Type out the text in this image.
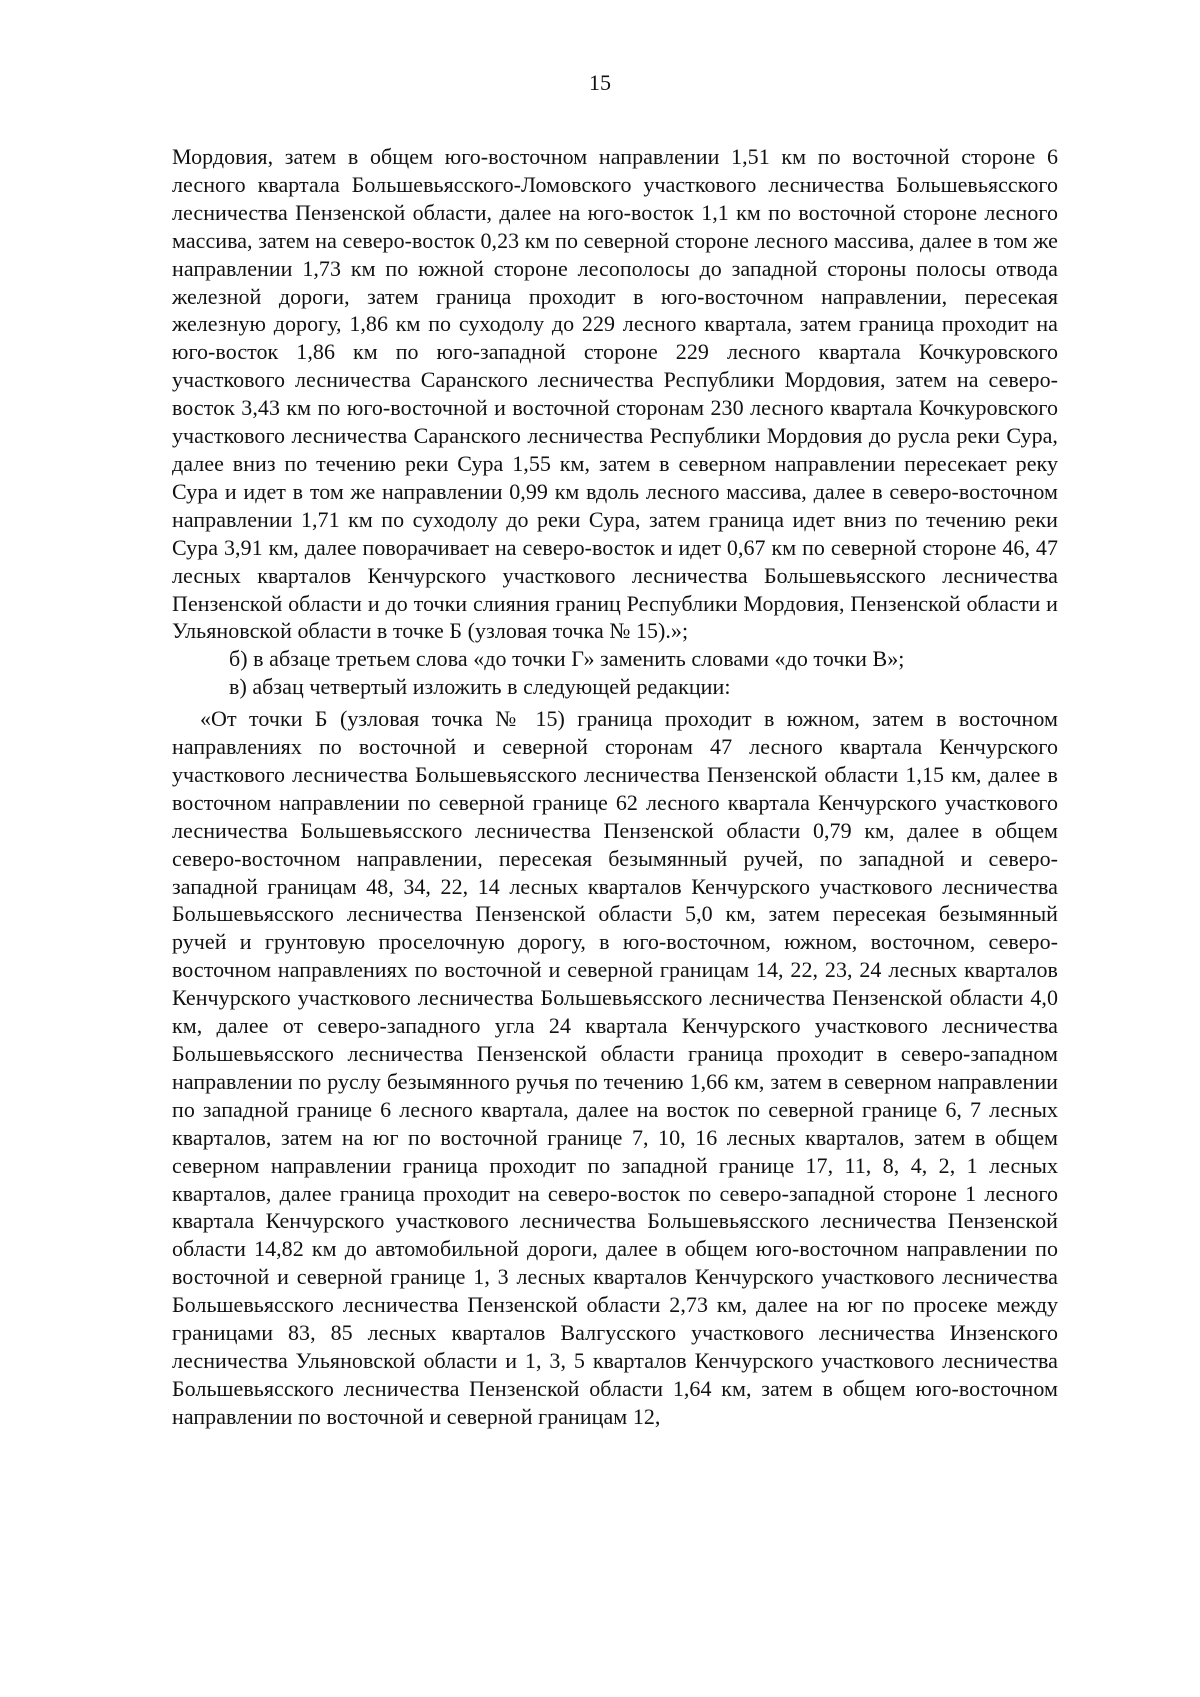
15

Мордовия, затем в общем юго-восточном направлении 1,51 км по восточной стороне 6 лесного квартала Большевьясского-Ломовского участкового лесничества Большевьясского лесничества Пензенской области, далее на юго-восток 1,1 км по восточной стороне лесного массива, затем на северо-восток 0,23 км по северной стороне лесного массива, далее в том же направлении 1,73 км по южной стороне лесополосы до западной стороны полосы отвода железной дороги, затем граница проходит в юго-восточном направлении, пересекая железную дорогу, 1,86 км по суходолу до 229 лесного квартала, затем граница проходит на юго-восток 1,86 км по юго-западной стороне 229 лесного квартала Кочкуровского участкового лесничества Саранского лесничества Республики Мордовия, затем на северо-восток 3,43 км по юго-восточной и восточной сторонам 230 лесного квартала Кочкуровского участкового лесничества Саранского лесничества Республики Мордовия до русла реки Сура, далее вниз по течению реки Сура 1,55 км, затем в северном направлении пересекает реку Сура и идет в том же направлении 0,99 км вдоль лесного массива, далее в северо-восточном направлении 1,71 км по суходолу до реки Сура, затем граница идет вниз по течению реки Сура 3,91 км, далее поворачивает на северо-восток и идет 0,67 км по северной стороне 46, 47 лесных кварталов Кенчурского участкового лесничества Большевьясского лесничества Пензенской области и до точки слияния границ Республики Мордовия, Пензенской области и Ульяновской области в точке Б (узловая точка № 15).»;

б) в абзаце третьем слова «до точки Г» заменить словами «до точки В»;

в) абзац четвертый изложить в следующей редакции:

«От точки Б (узловая точка № 15) граница проходит в южном, затем в восточном направлениях по восточной и северной сторонам 47 лесного квартала Кенчурского участкового лесничества Большевьясского лесничества Пензенской области 1,15 км, далее в восточном направлении по северной границе 62 лесного квартала Кенчурского участкового лесничества Большевьясского лесничества Пензенской области 0,79 км, далее в общем северо-восточном направлении, пересекая безымянный ручей, по западной и северо-западной границам 48, 34, 22, 14 лесных кварталов Кенчурского участкового лесничества Большевьясского лесничества Пензенской области 5,0 км, затем пересекая безымянный ручей и грунтовую проселочную дорогу, в юго-восточном, южном, восточном, северо-восточном направлениях по восточной и северной границам 14, 22, 23, 24 лесных кварталов Кенчурского участкового лесничества Большевьясского лесничества Пензенской области 4,0 км, далее от северо-западного угла 24 квартала Кенчурского участкового лесничества Большевьясского лесничества Пензенской области граница проходит в северо-западном направлении по руслу безымянного ручья по течению 1,66 км, затем в северном направлении по западной границе 6 лесного квартала, далее на восток по северной границе 6, 7 лесных кварталов, затем на юг по восточной границе 7, 10, 16 лесных кварталов, затем в общем северном направлении граница проходит по западной границе 17, 11, 8, 4, 2, 1 лесных кварталов, далее граница проходит на северо-восток по северо-западной стороне 1 лесного квартала Кенчурского участкового лесничества Большевьясского лесничества Пензенской области 14,82 км до автомобильной дороги, далее в общем юго-восточном направлении по восточной и северной границе 1, 3 лесных кварталов Кенчурского участкового лесничества Большевьясского лесничества Пензенской области 2,73 км, далее на юг по просеке между границами 83, 85 лесных кварталов Валгусского участкового лесничества Инзенского лесничества Ульяновской области и 1, 3, 5 кварталов Кенчурского участкового лесничества Большевьясского лесничества Пензенской области 1,64 км, затем в общем юго-восточном направлении по восточной и северной границам 12,
